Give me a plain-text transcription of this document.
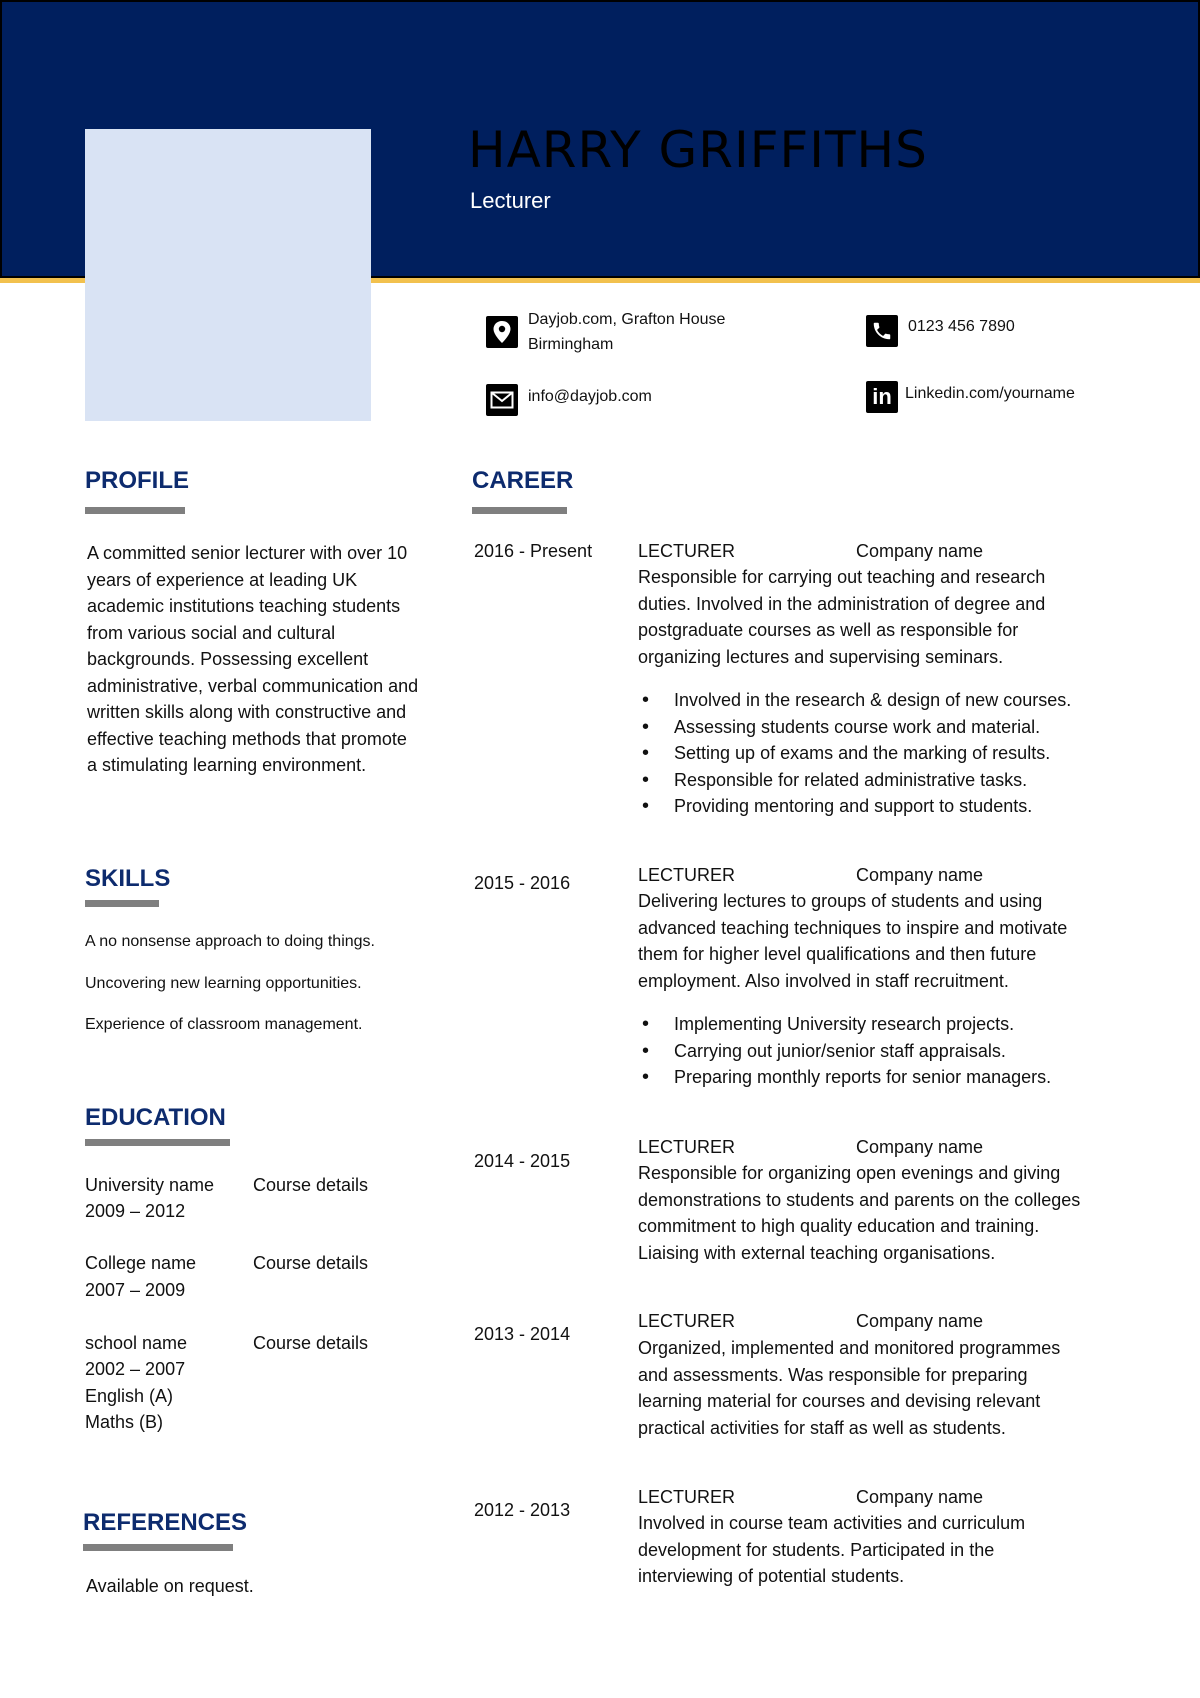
HARRY GRIFFITHS
Lecturer
Dayjob.com, Grafton House
Birmingham
0123 456 7890
info@dayjob.com	in Linkedin.com/yourname
PROFILE
A committed senior lecturer with over 10 years of experience at leading UK academic institutions teaching students from various social and cultural backgrounds. Possessing excellent administrative, verbal communication and written skills along with constructive and effective teaching methods that promote a stimulating learning environment.
SKILLS
A no nonsense approach to doing things.
Uncovering new learning opportunities.
Experience of classroom management.
EDUCATION
University name
2009 – 2012
Course details
College name
2007 – 2009
Course details
school name
2002 – 2007
English (A)
Maths (B)
Course details
REFERENCES
Available on request.
CAREER
2016 - Present	LECTURER	Company name
Responsible for carrying out teaching and research duties. Involved in the administration of degree and postgraduate courses as well as responsible for organizing lectures and supervising seminars.
• Involved in the research & design of new courses.
• Assessing students course work and material.
• Setting up of exams and the marking of results.
• Responsible for related administrative tasks.
• Providing mentoring and support to students.
2015 - 2016	LECTURER	Company name
Delivering lectures to groups of students and using advanced teaching techniques to inspire and motivate them for higher level qualifications and then future employment. Also involved in staff recruitment.
• Implementing University research projects.
• Carrying out junior/senior staff appraisals.
• Preparing monthly reports for senior managers.
2014 - 2015
LECTURER	Company name
Responsible for organizing open evenings and giving demonstrations to students and parents on the colleges commitment to high quality education and training. Liaising with external teaching organisations.
2013 - 2014
LECTURER	Company name
Organized, implemented and monitored programmes and assessments. Was responsible for preparing learning material for courses and devising relevant practical activities for staff as well as students.
2012 - 2013
LECTURER	Company name
Involved in course team activities and curriculum development for students. Participated in the interviewing of potential students.
